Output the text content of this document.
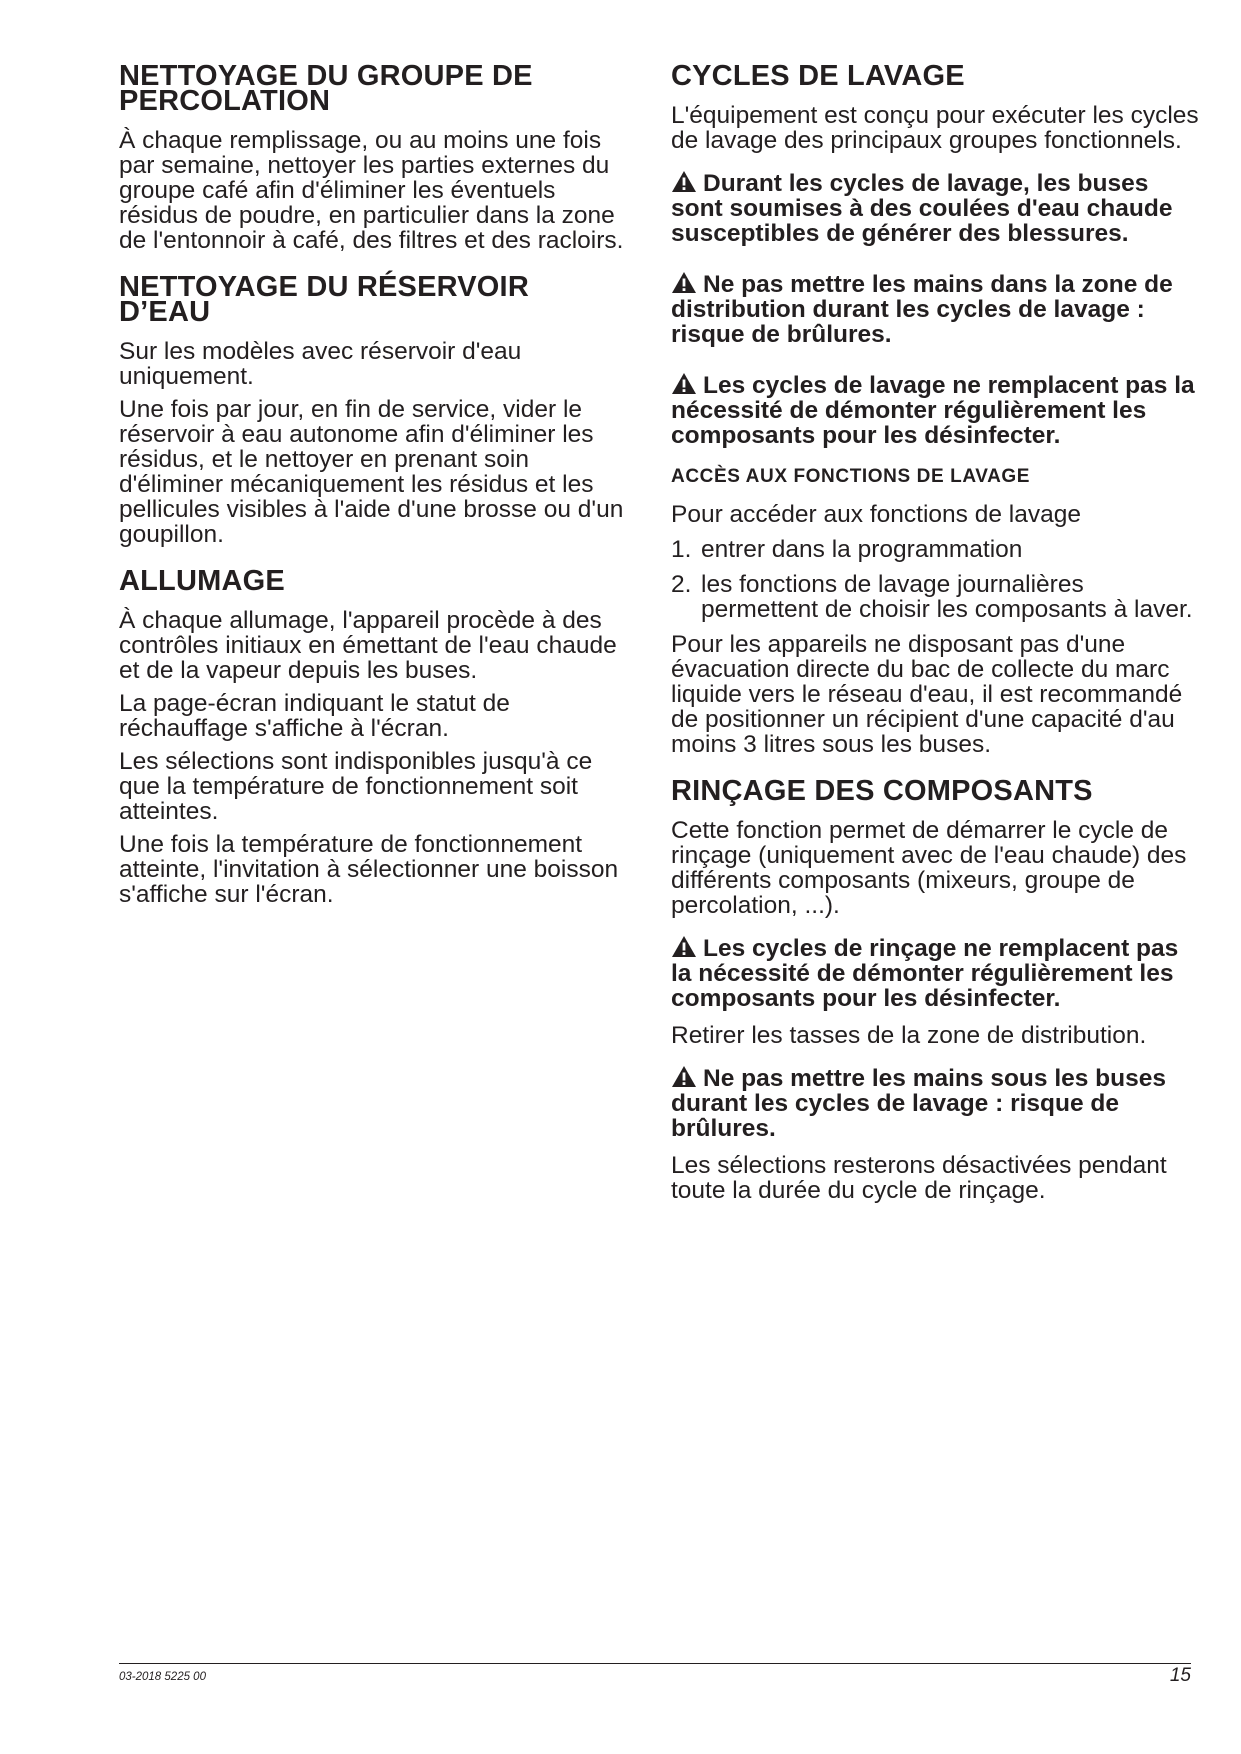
NETTOYAGE DU GROUPE DE
PERCOLATION

À chaque remplissage, ou au moins une fois par semaine, nettoyer les parties externes du groupe café afin d'éliminer les éventuels résidus de poudre, en particulier dans la zone de l'entonnoir à café, des filtres et des racloirs.

NETTOYAGE DU RÉSERVOIR
D’EAU

Sur les modèles avec réservoir d'eau uniquement.

Une fois par jour, en fin de service, vider le réservoir à eau autonome afin d'éliminer les résidus, et le nettoyer en prenant soin d'éliminer mécaniquement les résidus et les pellicules visibles à l'aide d'une brosse ou d'un goupillon.

ALLUMAGE

À chaque allumage, l'appareil procède à des contrôles initiaux en émettant de l'eau chaude et de la vapeur depuis les buses.

La page-écran indiquant le statut de réchauffage s'affiche à l'écran.

Les sélections sont indisponibles jusqu'à ce que la température de fonctionnement soit atteintes.

Une fois la température de fonctionnement atteinte, l'invitation à sélectionner une boisson s'affiche sur l'écran.

CYCLES DE LAVAGE

L'équipement est conçu pour exécuter les cycles de lavage des principaux groupes fonctionnels.

Durant les cycles de lavage, les buses sont soumises à des coulées d'eau chaude susceptibles de générer des blessures.
Ne pas mettre les mains dans la zone de distribution durant les cycles de lavage : risque de brûlures.
Les cycles de lavage ne remplacent pas la nécessité de démonter régulièrement les composants pour les désinfecter.
ACCÈS AUX FONCTIONS DE LAVAGE

Pour accéder aux fonctions de lavage

1. entrer dans la programmation
2. les fonctions de lavage journalières permettent de choisir les composants à laver.

Pour les appareils ne disposant pas d'une évacuation directe du bac de collecte du marc liquide vers le réseau d'eau, il est recommandé de positionner un récipient d'une capacité d'au moins 3 litres sous les buses.

RINÇAGE DES COMPOSANTS

Cette fonction permet de démarrer le cycle de rinçage (uniquement avec de l'eau chaude) des différents composants (mixeurs, groupe de percolation, ...).

Les cycles de rinçage ne remplacent pas la nécessité de démonter régulièrement les composants pour les désinfecter.

Retirer les tasses de la zone de distribution.

Ne pas mettre les mains sous les buses durant les cycles de lavage : risque de brûlures.

Les sélections resterons désactivées pendant toute la durée du cycle de rinçage.

03-2018 5225 00	15
